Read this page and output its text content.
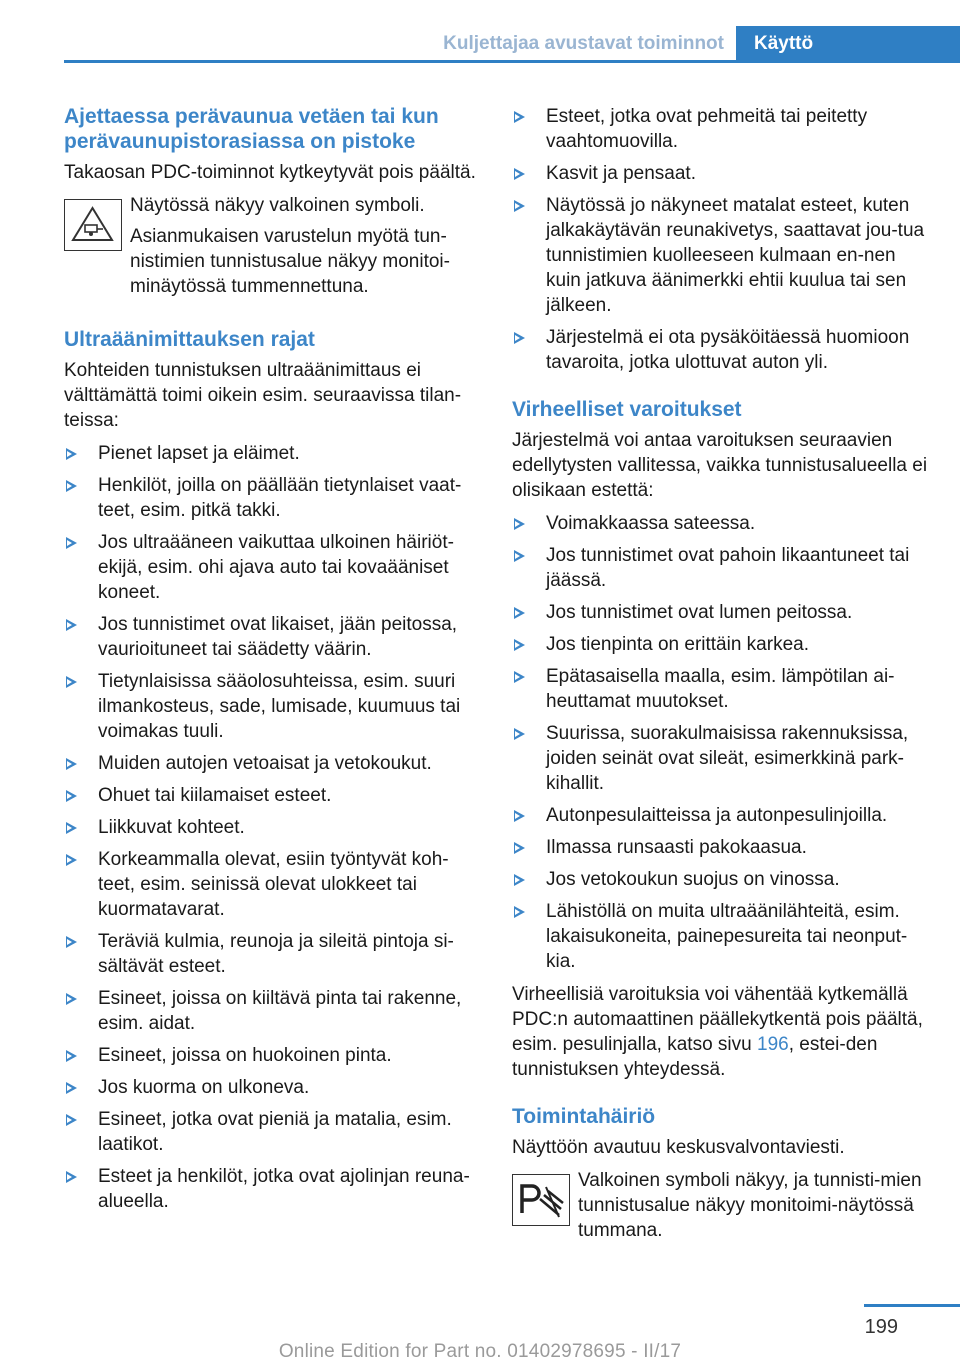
Kuljettajaa avustavat toiminnot	Käyttö
Ajettaessa perävaunua vetäen tai kun perävaunupistorasiassa on pistoke

Takaosan PDC-toiminnot kytkeytyvät pois päältä.

Näytössä näkyy valkoinen symboli.

Asianmukaisen varustelun myötä tun-nistimien tunnistusalue näkyy monitoi-minäytössä tummennettuna.

Ultraäänimittauksen rajat

Kohteiden tunnistuksen ultraäänimittaus ei välttämättä toimi oikein esim. seuraavissa tilan-teissa:

Pienet lapset ja eläimet.
Henkilöt, joilla on päällään tietynlaiset vaat-teet, esim. pitkä takki.
Jos ultraääneen vaikuttaa ulkoinen häiriöt-ekijä, esim. ohi ajava auto tai kovaääniset koneet.
Jos tunnistimet ovat likaiset, jään peitossa, vaurioituneet tai säädetty väärin.
Tietynlaisissa sääolosuhteissa, esim. suuri ilmankosteus, sade, lumisade, kuumuus tai voimakas tuuli.
Muiden autojen vetoaisat ja vetokoukut.
Ohuet tai kiilamaiset esteet.
Liikkuvat kohteet.
Korkeammalla olevat, esiin työntyvät koh-teet, esim. seinissä olevat ulokkeet tai kuormatavarat.
Teräviä kulmia, reunoja ja sileitä pintoja si-sältävät esteet.
Esineet, joissa on kiiltävä pinta tai rakenne, esim. aidat.
Esineet, joissa on huokoinen pinta.
Jos kuorma on ulkoneva.
Esineet, jotka ovat pieniä ja matalia, esim. laatikot.
Esteet ja henkilöt, jotka ovat ajolinjan reuna-alueella.
Esteet, jotka ovat pehmeitä tai peitetty vaahtomuovilla.
Kasvit ja pensaat.
Näytössä jo näkyneet matalat esteet, kuten jalkakäytävän reunakivetys, saattavat jou-tua tunnistimien kuolleeseen kulmaan en-nen kuin jatkuva äänimerkki ehtii kuulua tai sen jälkeen.
Järjestelmä ei ota pysäköitäessä huomioon tavaroita, jotka ulottuvat auton yli.
Virheelliset varoitukset

Järjestelmä voi antaa varoituksen seuraavien edellytysten vallitessa, vaikka tunnistusalueella ei olisikaan estettä:

Voimakkaassa sateessa.
Jos tunnistimet ovat pahoin likaantuneet tai jäässä.
Jos tunnistimet ovat lumen peitossa.
Jos tienpinta on erittäin karkea.
Epätasaisella maalla, esim. lämpötilan ai-heuttamat muutokset.
Suurissa, suorakulmaisissa rakennuksissa, joiden seinät ovat sileät, esimerkkinä park-kihallit.
Autonpesulaitteissa ja autonpesulinjoilla.
Ilmassa runsaasti pakokaasua.
Jos vetokoukun suojus on vinossa.
Lähistöllä on muita ultraäänilähteitä, esim. lakaisukoneita, painepesureita tai neonput-kia.

Virheellisiä varoituksia voi vähentää kytkemällä PDC:n automaattinen päällekytkentä pois päältä, esim. pesulinjalla, katso sivu 196, estei-den tunnistuksen yhteydessä.

Toimintahäiriö

Näyttöön avautuu keskusvalvontaviesti.

Valkoinen symboli näkyy, ja tunnisti-mien tunnistusalue näkyy monitoimi-näytössä tummana.

199
Online Edition for Part no. 01402978695 - II/17
